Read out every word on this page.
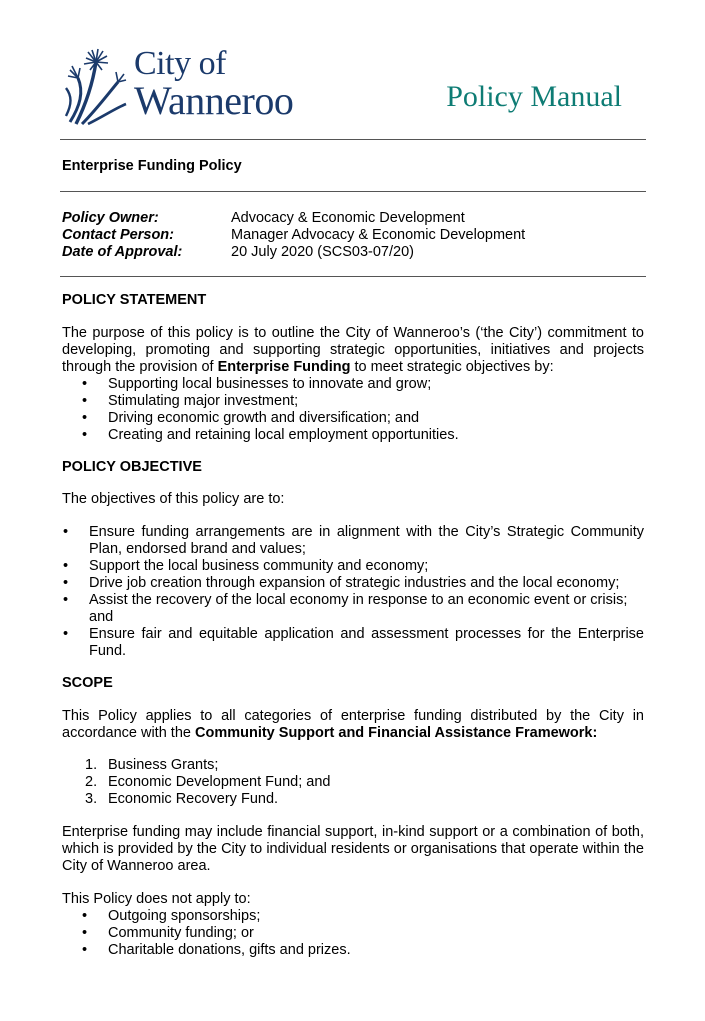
City of
Wanneroo	Policy Manual
Enterprise Funding Policy
Policy Owner:	Advocacy & Economic Development
Contact Person:	Manager Advocacy & Economic Development
Date of Approval:	20 July 2020 (SCS03-07/20)

POLICY STATEMENT

The purpose of this policy is to outline the City of Wanneroo’s (‘the City’) commitment to developing, promoting and supporting strategic opportunities, initiatives and projects through the provision of Enterprise Funding to meet strategic objectives by:

• Supporting local businesses to innovate and grow;
• Stimulating major investment;
• Driving economic growth and diversification; and
• Creating and retaining local employment opportunities.

POLICY OBJECTIVE

The objectives of this policy are to:

• Ensure funding arrangements are in alignment with the City’s Strategic Community Plan, endorsed brand and values;
• Support the local business community and economy;
• Drive job creation through expansion of strategic industries and the local economy;
• Assist the recovery of the local economy in response to an economic event or crisis; and
• Ensure fair and equitable application and assessment processes for the Enterprise Fund.

SCOPE

This Policy applies to all categories of enterprise funding distributed by the City in accordance with the Community Support and Financial Assistance Framework:

1. Business Grants;
2. Economic Development Fund; and
3. Economic Recovery Fund.

Enterprise funding may include financial support, in-kind support or a combination of both, which is provided by the City to individual residents or organisations that operate within the City of Wanneroo area.

This Policy does not apply to:

• Outgoing sponsorships;
• Community funding; or
• Charitable donations, gifts and prizes.
